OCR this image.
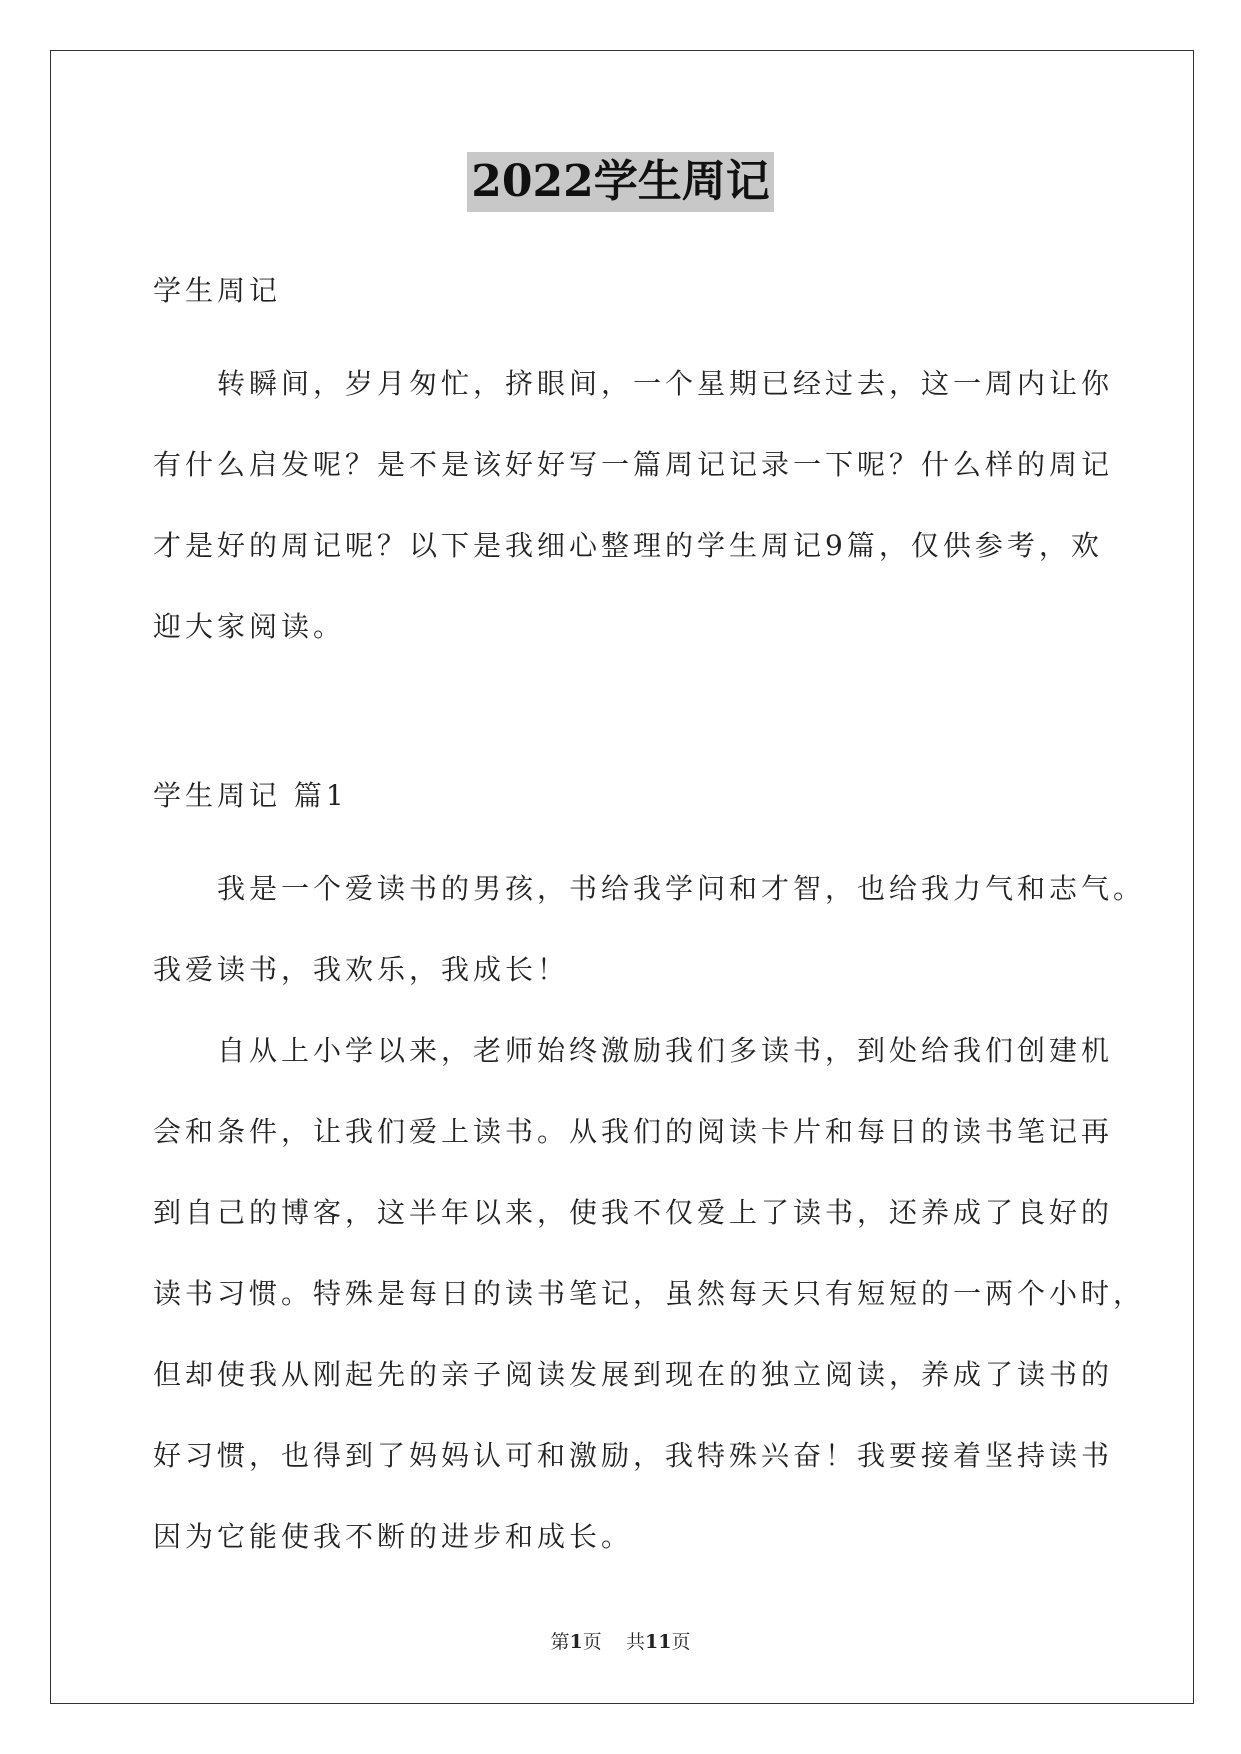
2022学生周记

学生周记

转瞬间，岁月匆忙，挤眼间，一个星期已经过去，这一周内让你
有什么启发呢？是不是该好好写一篇周记记录一下呢？什么样的周记
才是好的周记呢？以下是我细心整理的学生周记9篇，仅供参考，欢
迎大家阅读。

学生周记 篇1

我是一个爱读书的男孩，书给我学问和才智，也给我力气和志气。
我爱读书，我欢乐，我成长！

自从上小学以来，老师始终激励我们多读书，到处给我们创建机
会和条件，让我们爱上读书。从我们的阅读卡片和每日的读书笔记再
到自己的博客，这半年以来，使我不仅爱上了读书，还养成了良好的
读书习惯。特殊是每日的读书笔记，虽然每天只有短短的一两个小时，
但却使我从刚起先的亲子阅读发展到现在的独立阅读，养成了读书的
好习惯，也得到了妈妈认可和激励，我特殊兴奋！我要接着坚持读书
因为它能使我不断的进步和成长。

第1页 共11页
